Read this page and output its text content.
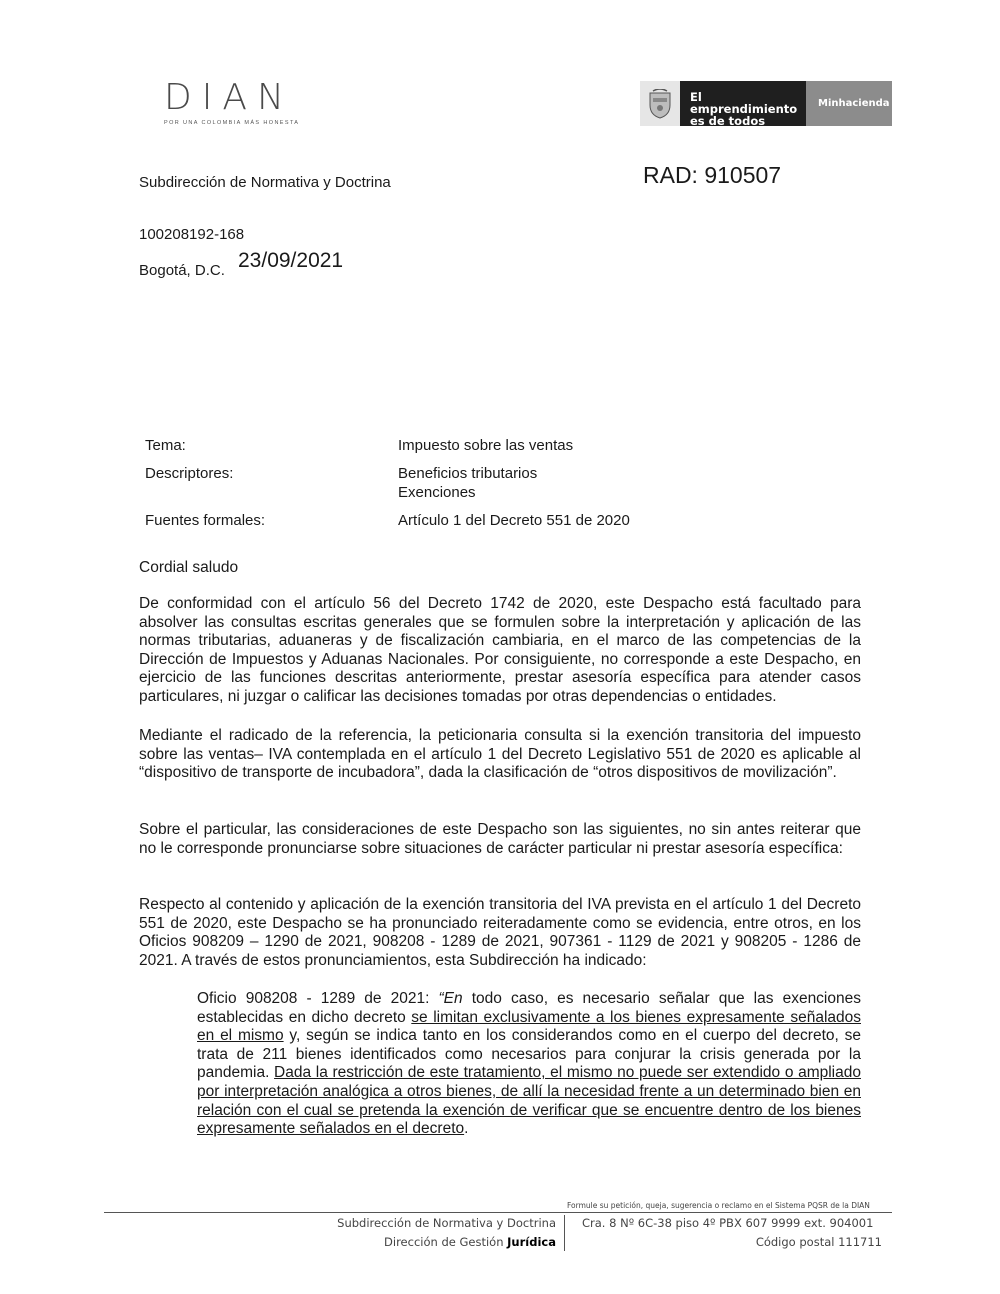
DIAN
POR UNA COLOMBIA MÁS HONESTA
El emprendimiento
es de todos
Minhacienda
Subdirección de Normativa y Doctrina	RAD: 910507
100208192-168
Bogotá, D.C. 23/09/2021
Tema:	Impuesto sobre las ventas
Descriptores:	Beneficios tributarios
Exenciones
Fuentes formales:	Artículo 1 del Decreto 551 de 2020
Cordial saludo
De conformidad con el artículo 56 del Decreto 1742 de 2020, este Despacho está facultado para absolver las consultas escritas generales que se formulen sobre la interpretación y aplicación de las normas tributarias, aduaneras y de fiscalización cambiaria, en el marco de las competencias de la Dirección de Impuestos y Aduanas Nacionales. Por consiguiente, no corresponde a este Despacho, en ejercicio de las funciones descritas anteriormente, prestar asesoría específica para atender casos particulares, ni juzgar o calificar las decisiones tomadas por otras dependencias o entidades.
Mediante el radicado de la referencia, la peticionaria consulta si la exención transitoria del impuesto sobre las ventas– IVA contemplada en el artículo 1 del Decreto Legislativo 551 de 2020 es aplicable al “dispositivo de transporte de incubadora”, dada la clasificación de “otros dispositivos de movilización”.
Sobre el particular, las consideraciones de este Despacho son las siguientes, no sin antes reiterar que no le corresponde pronunciarse sobre situaciones de carácter particular ni prestar asesoría específica:
Respecto al contenido y aplicación de la exención transitoria del IVA prevista en el artículo 1 del Decreto 551 de 2020, este Despacho se ha pronunciado reiteradamente como se evidencia, entre otros, en los Oficios 908209 – 1290 de 2021, 908208 - 1289 de 2021, 907361 - 1129 de 2021 y 908205 - 1286 de 2021. A través de estos pronunciamientos, esta Subdirección ha indicado:
Oficio 908208 - 1289 de 2021: “En todo caso, es necesario señalar que las exenciones establecidas en dicho decreto se limitan exclusivamente a los bienes expresamente señalados en el mismo y, según se indica tanto en los considerandos como en el cuerpo del decreto, se trata de 211 bienes identificados como necesarios para conjurar la crisis generada por la pandemia. Dada la restricción de este tratamiento, el mismo no puede ser extendido o ampliado por interpretación analógica a otros bienes, de allí la necesidad frente a un determinado bien en relación con el cual se pretenda la exención de verificar que se encuentre dentro de los bienes expresamente señalados en el decreto.
Formule su petición, queja, sugerencia o reclamo en el Sistema PQSR de la DIAN
Subdirección de Normativa y Doctrina
Dirección de Gestión Jurídica
Cra. 8 Nº 6C-38 piso 4º PBX 607 9999 ext. 904001
Código postal 111711
